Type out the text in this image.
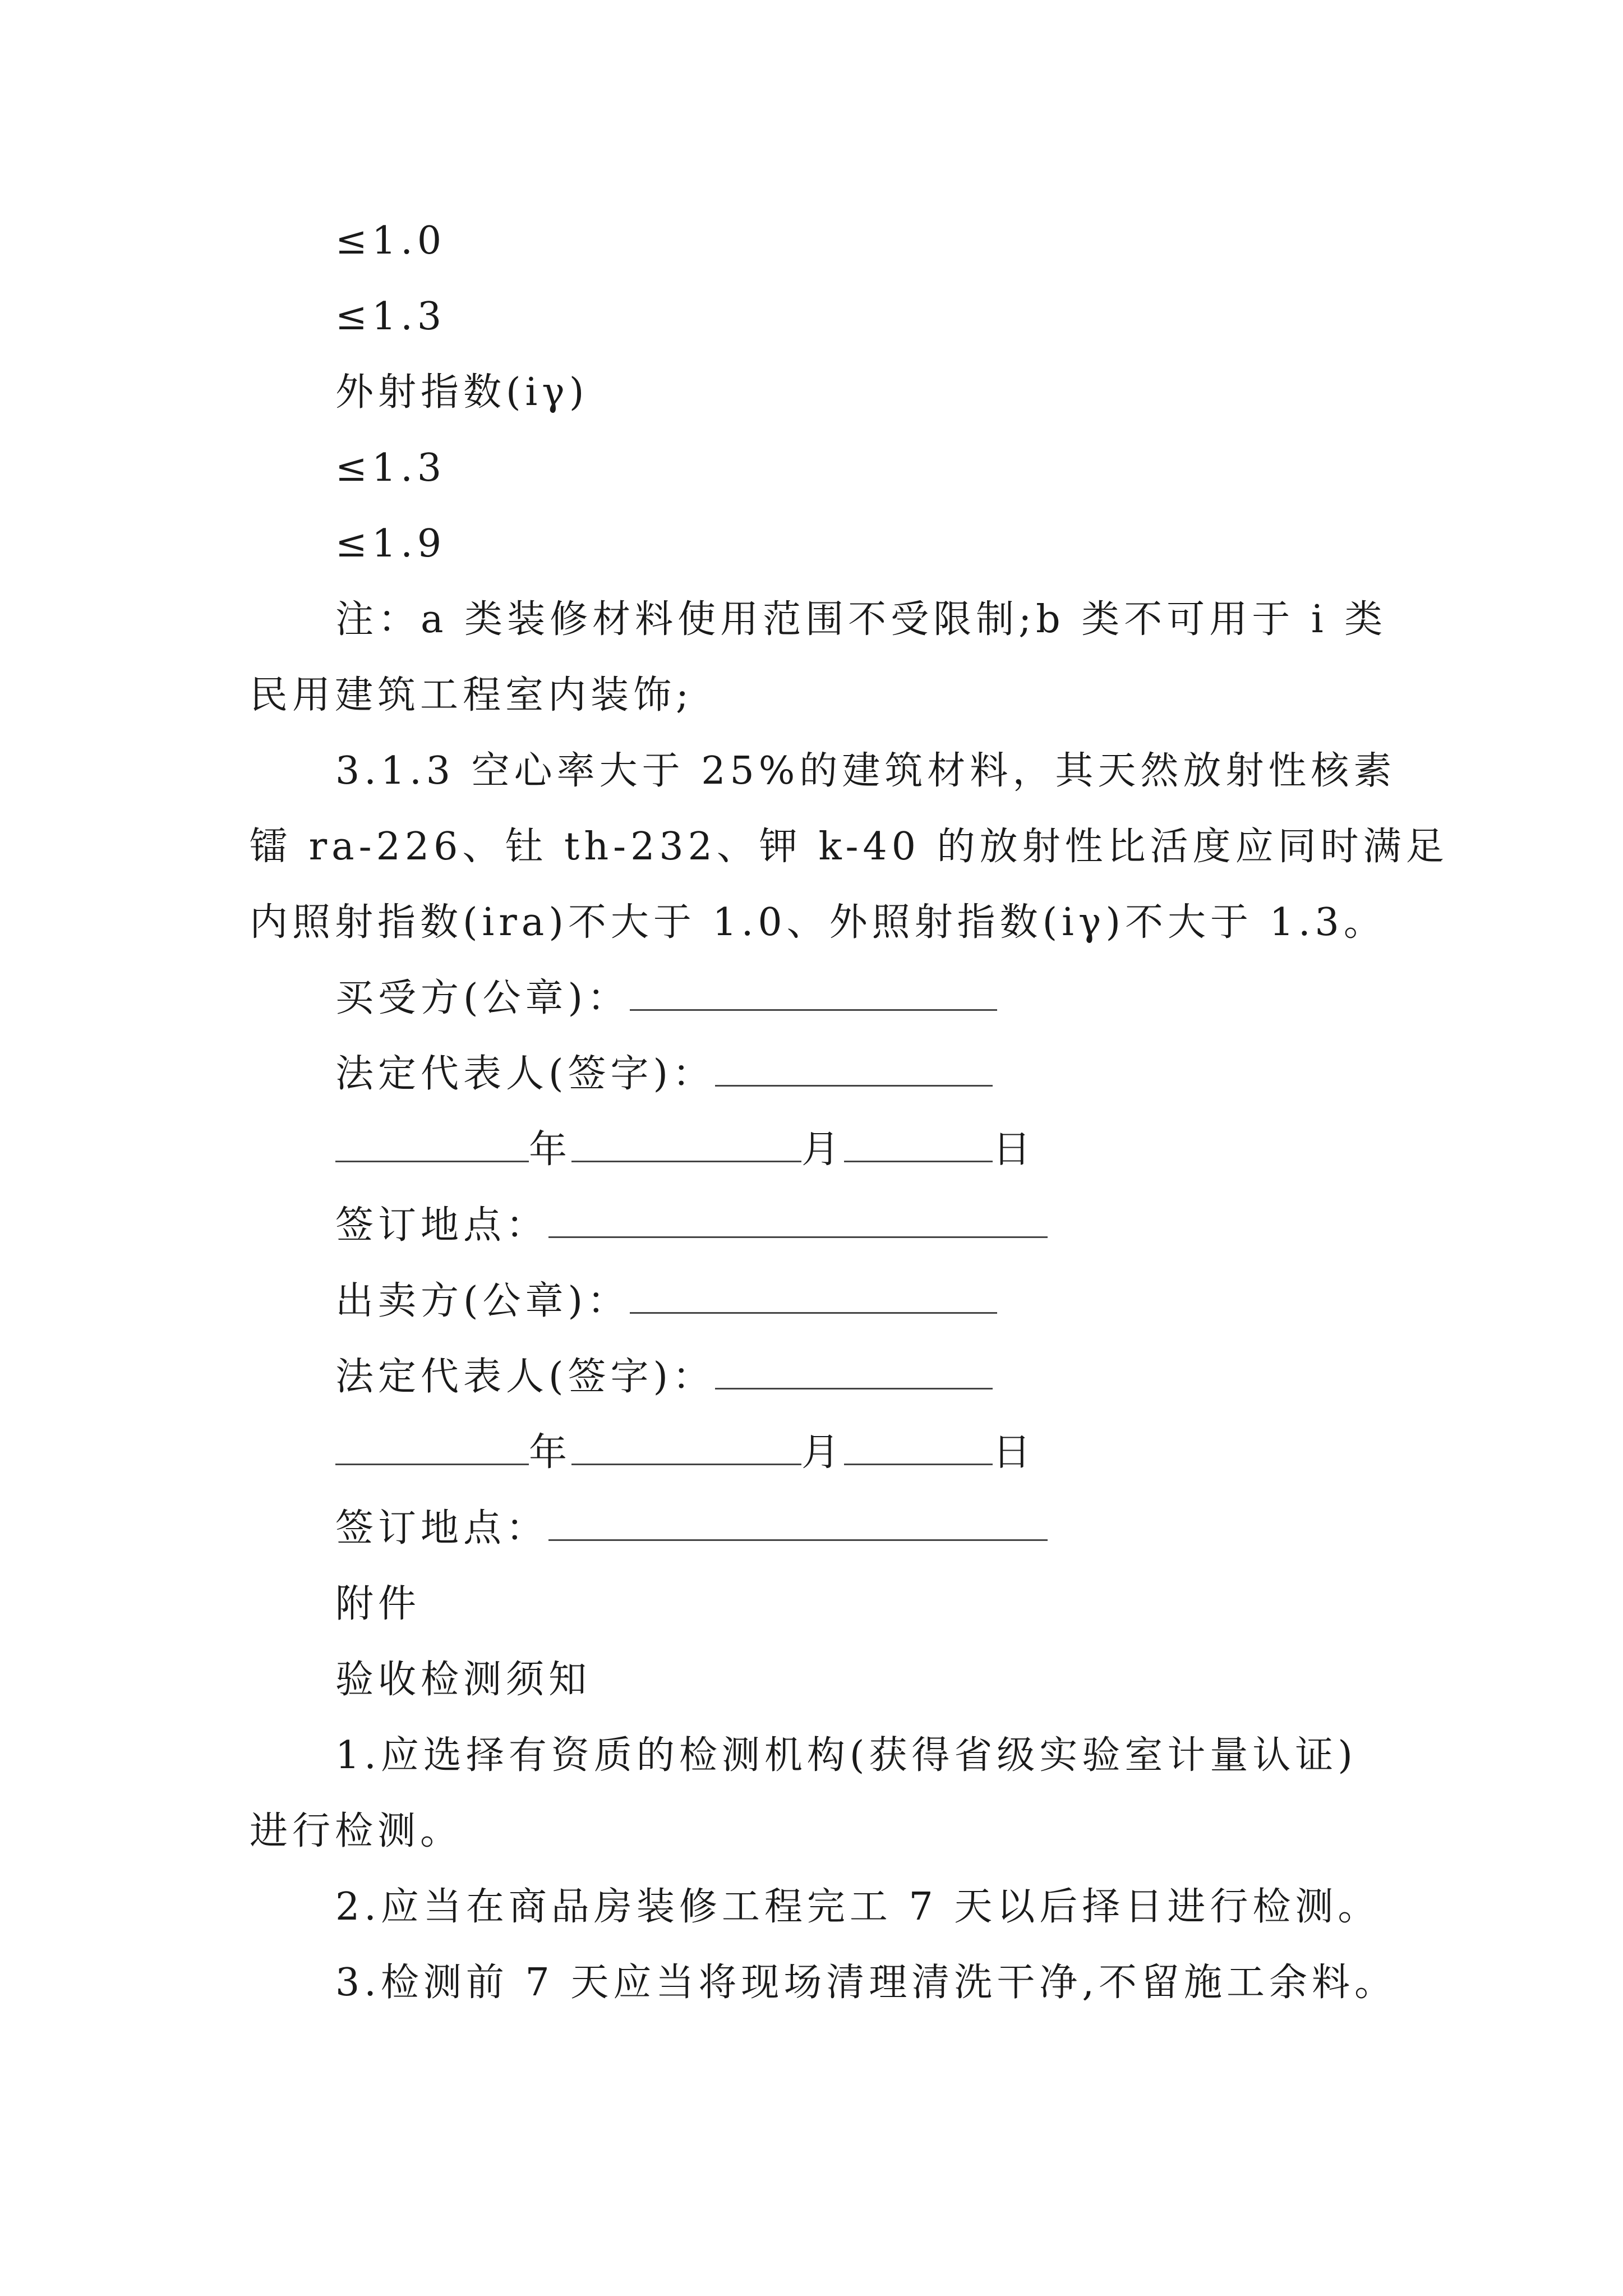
≤1.0
≤1.3
外射指数(iγ)
≤1.3
≤1.9
注：a 类装修材料使用范围不受限制;b 类不可用于 i 类
民用建筑工程室内装饰;
3.1.3 空心率大于 25%的建筑材料，其天然放射性核素
镭 ra-226、钍 th-232、钾 k-40 的放射性比活度应同时满足
内照射指数(ira)不大于 1.0、外照射指数(iγ)不大于 1.3。
买受方(公章)：
法定代表人(签字)：
年	月	日
签订地点：
出卖方(公章)：
法定代表人(签字)：
年	月	日
签订地点：
附件
验收检测须知
1.应选择有资质的检测机构(获得省级实验室计量认证)
进行检测。
2.应当在商品房装修工程完工 7 天以后择日进行检测。
3.检测前 7 天应当将现场清理清洗干净,不留施工余料。
